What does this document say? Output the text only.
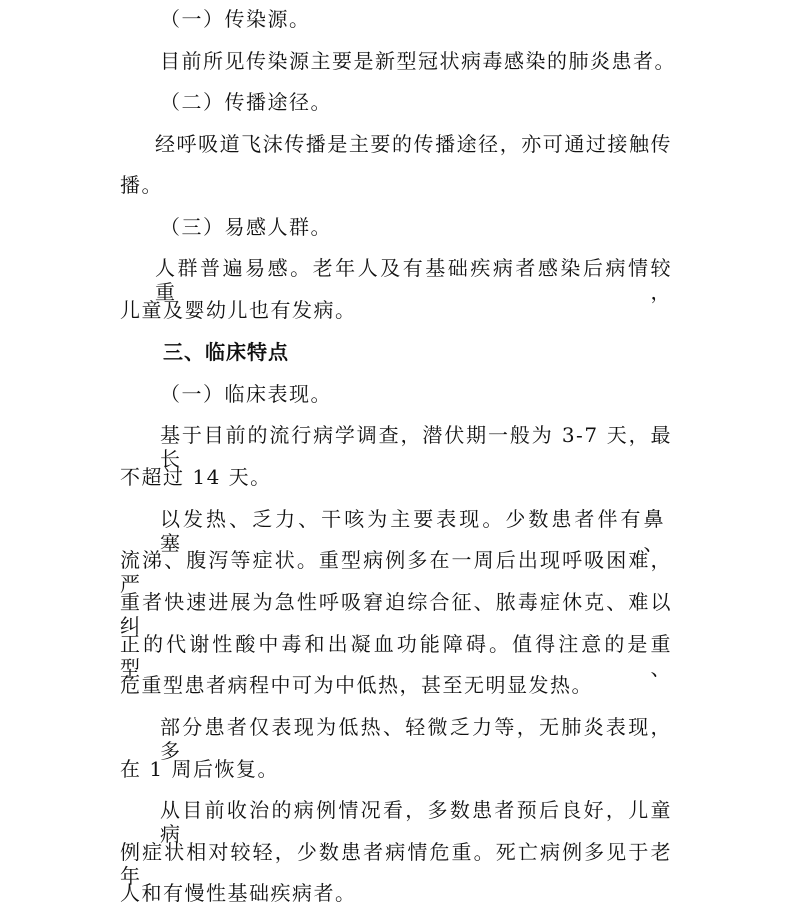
（一）传染源。
目前所见传染源主要是新型冠状病毒感染的肺炎患者。
（二）传播途径。
经呼吸道飞沫传播是主要的传播途径，亦可通过接触传
播。
（三）易感人群。
人群普遍易感。老年人及有基础疾病者感染后病情较重，
儿童及婴幼儿也有发病。
三、临床特点
（一）临床表现。
基于目前的流行病学调查，潜伏期一般为 3-7 天，最长
不超过 14 天。
以发热、乏力、干咳为主要表现。少数患者伴有鼻塞、
流涕、腹泻等症状。重型病例多在一周后出现呼吸困难，严
重者快速进展为急性呼吸窘迫综合征、脓毒症休克、难以纠
正的代谢性酸中毒和出凝血功能障碍。值得注意的是重型、
危重型患者病程中可为中低热，甚至无明显发热。
部分患者仅表现为低热、轻微乏力等，无肺炎表现，多
在 1 周后恢复。
从目前收治的病例情况看，多数患者预后良好，儿童病
例症状相对较轻，少数患者病情危重。死亡病例多见于老年
人和有慢性基础疾病者。
